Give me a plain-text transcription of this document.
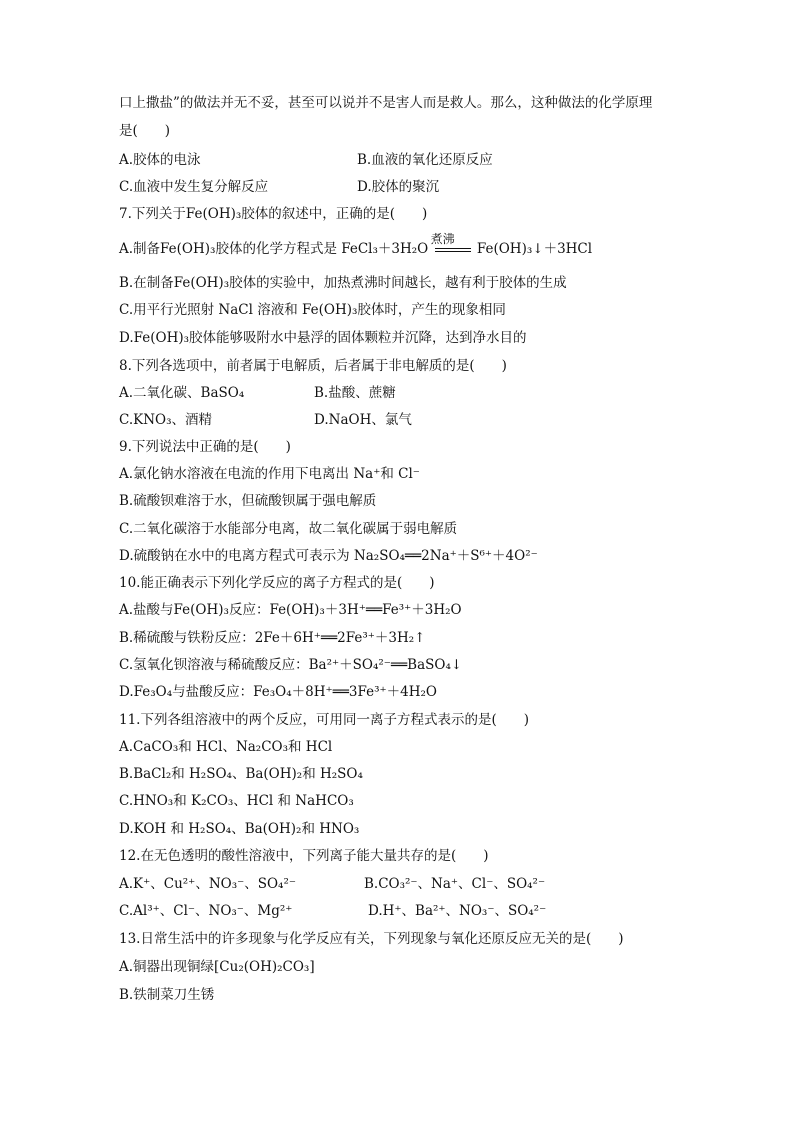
口上撒盐”的做法并无不妥，甚至可以说并不是害人而是救人。那么，这种做法的化学原理
是(　　)
A.胶体的电泳	B.血液的氧化还原反应
C.血液中发生复分解反应	D.胶体的聚沉
7.下列关于Fe(OH)₃胶体的叙述中，正确的是(　　)
A.制备Fe(OH)₃胶体的化学方程式是 FeCl₃＋3H₂O
煮沸
Fe(OH)₃↓＋3HCl
B.在制备Fe(OH)₃胶体的实验中，加热煮沸时间越长，越有利于胶体的生成
C.用平行光照射 NaCl 溶液和 Fe(OH)₃胶体时，产生的现象相同
D.Fe(OH)₃胶体能够吸附水中悬浮的固体颗粒并沉降，达到净水目的
8.下列各选项中，前者属于电解质，后者属于非电解质的是(　　)
A.二氧化碳、BaSO₄	B.盐酸、蔗糖
C.KNO₃、酒精	D.NaOH、氯气
9.下列说法中正确的是(　　)
A.氯化钠水溶液在电流的作用下电离出 Na⁺和 Cl⁻
B.硫酸钡难溶于水，但硫酸钡属于强电解质
C.二氧化碳溶于水能部分电离，故二氧化碳属于弱电解质
D.硫酸钠在水中的电离方程式可表示为 Na₂SO₄══2Na⁺＋S⁶⁺＋4O²⁻
10.能正确表示下列化学反应的离子方程式的是(　　)
A.盐酸与Fe(OH)₃反应：Fe(OH)₃＋3H⁺══Fe³⁺＋3H₂O
B.稀硫酸与铁粉反应：2Fe＋6H⁺══2Fe³⁺＋3H₂↑
C.氢氧化钡溶液与稀硫酸反应：Ba²⁺＋SO₄²⁻══BaSO₄↓
D.Fe₃O₄与盐酸反应：Fe₃O₄＋8H⁺══3Fe³⁺＋4H₂O
11.下列各组溶液中的两个反应，可用同一离子方程式表示的是(　　)
A.CaCO₃和 HCl、Na₂CO₃和 HCl
B.BaCl₂和 H₂SO₄、Ba(OH)₂和 H₂SO₄
C.HNO₃和 K₂CO₃、HCl 和 NaHCO₃
D.KOH 和 H₂SO₄、Ba(OH)₂和 HNO₃
12.在无色透明的酸性溶液中，下列离子能大量共存的是(　　)
A.K⁺、Cu²⁺、NO₃⁻、SO₄²⁻	B.CO₃²⁻、Na⁺、Cl⁻、SO₄²⁻
C.Al³⁺、Cl⁻、NO₃⁻、Mg²⁺	D.H⁺、Ba²⁺、NO₃⁻、SO₄²⁻
13.日常生活中的许多现象与化学反应有关，下列现象与氧化还原反应无关的是(　　)
A.铜器出现铜绿[Cu₂(OH)₂CO₃]
B.铁制菜刀生锈
